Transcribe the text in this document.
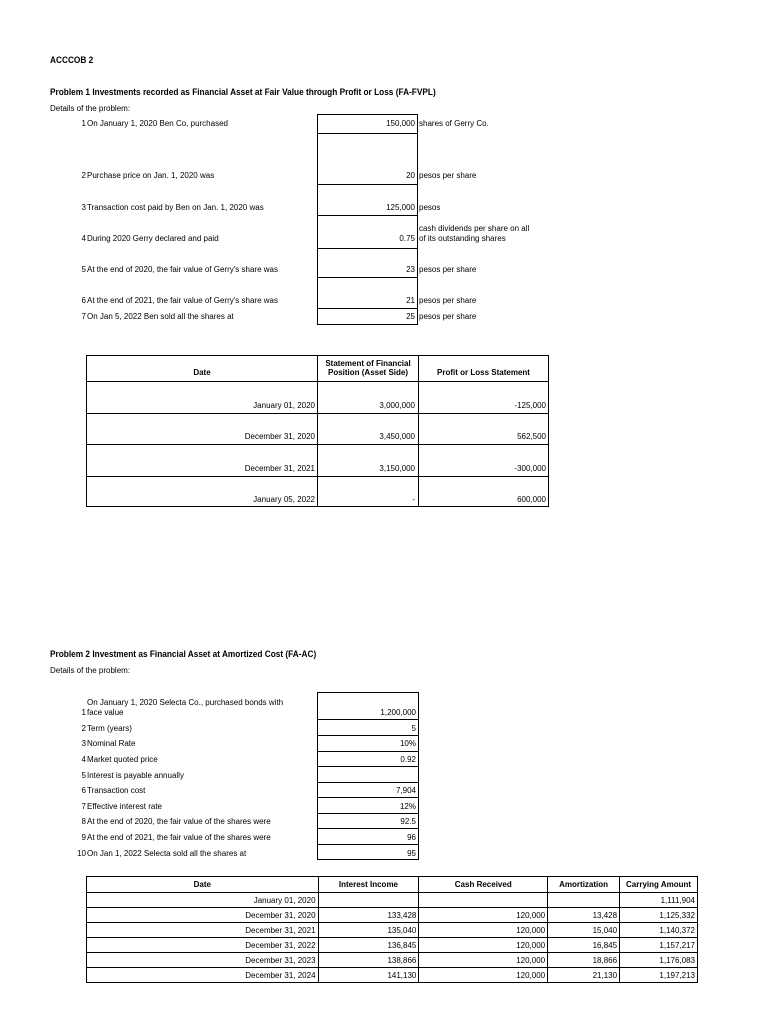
ACCCOB 2
Problem 1 Investments recorded as Financial Asset at Fair Value through Profit or Loss (FA-FVPL)
Details of the problem:
1 On January 1, 2020 Ben Co, purchased	150,000 shares of Gerry Co.
2 Purchase price on Jan. 1, 2020 was	20 pesos per share
3 Transaction cost paid by Ben on Jan. 1, 2020 was	125,000 pesos
4 During 2020 Gerry declared and paid	0.75
cash dividends per share on all
of its outstanding shares
5 At the end of 2020, the fair value of Gerry's share was	23 pesos per share
6 At the end of 2021, the fair value of Gerry's share was	21 pesos per share
7 On Jan 5, 2022 Ben sold all the shares at	25 pesos per share
Date
Statement of Financial Position (Asset Side)	Profit or Loss Statement
January 01, 2020	3,000,000	-125,000
December 31, 2020	3,450,000	562,500
December 31, 2021	3,150,000	-300,000
January 05, 2022	-	600,000
Problem 2 Investment as Financial Asset at Amortized Cost (FA-AC)
Details of the problem:
1
On January 1, 2020 Selecta Co., purchased bonds with
face value	1,200,000
2 Term (years)	5
3 Nominal Rate	10%
4 Market quoted price	0.92
5 Interest is payable annually
6 Transaction cost	7,904
7 Effective interest rate	12%
8 At the end of 2020, the fair value of the shares were	92.5
9 At the end of 2021, the fair value of the shares were	96
10 On Jan 1, 2022 Selecta sold all the shares at	95
Date	Interest Income	Cash Received	Amortization	Carrying Amount
January 01, 2020				1,111,904
December 31, 2020	133,428	120,000	13,428	1,125,332
December 31, 2021	135,040	120,000	15,040	1,140,372
December 31, 2022	136,845	120,000	16,845	1,157,217
December 31, 2023	138,866	120,000	18,866	1,176,083
December 31, 2024	141,130	120,000	21,130	1,197,213
